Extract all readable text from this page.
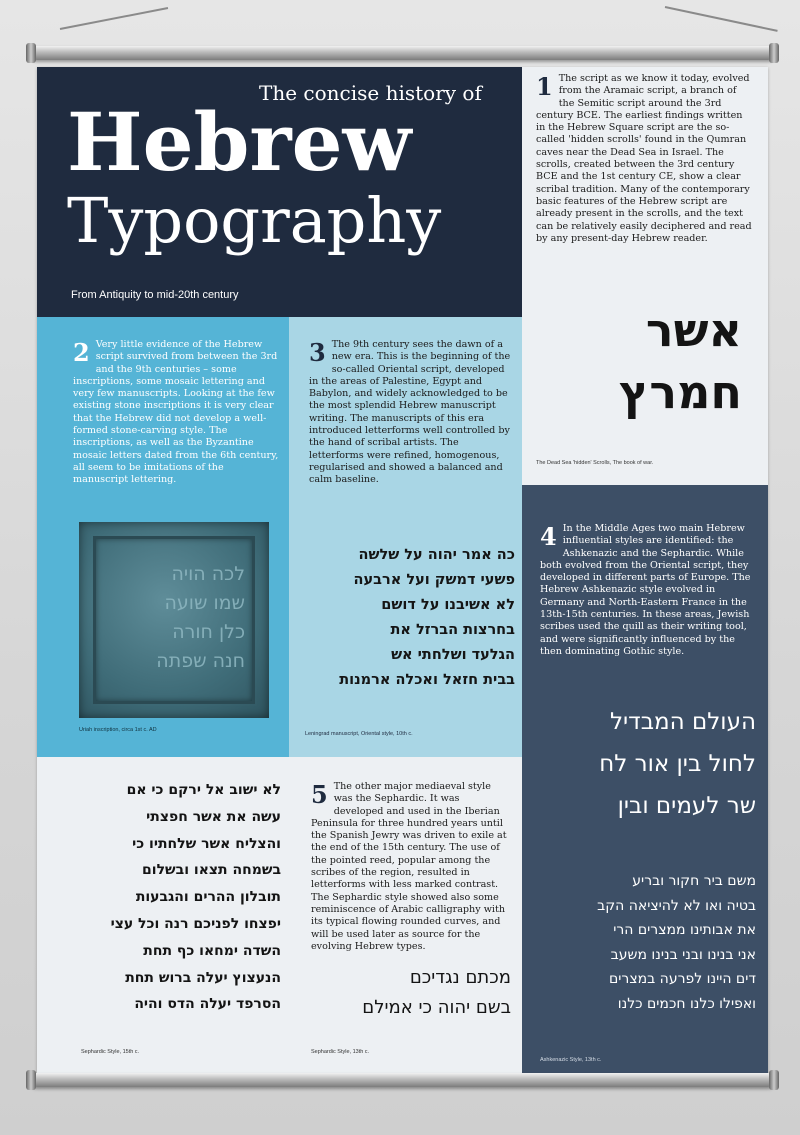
The concise history of
Hebrew
Typography
From Antiquity to mid-20th century
1 The script as we know it today, evolved from the Aramaic script, a branch of the Semitic script around the 3rd century BCE. The earliest findings written in the Hebrew Square script are the so-called 'hidden scrolls' found in the Qumran caves near the Dead Sea in Israel. The scrolls, created between the 3rd century BCE and the 1st century CE, show a clear scribal tradition. Many of the contemporary basic features of the Hebrew script are already present in the scrolls, and the text can be relatively easily deciphered and read by any present-day Hebrew reader.
אשר
חמרץ
The Dead Sea 'hidden' Scrolls, The book of war.
2 Very little evidence of the Hebrew script survived from between the 3rd and the 9th centuries – some inscriptions, some mosaic lettering and very few manuscripts. Looking at the few existing stone inscriptions it is very clear that the Hebrew did not develop a well-formed stone-carving style. The inscriptions, as well as the Byzantine mosaic letters dated from the 6th century, all seem to be imitations of the manuscript lettering.
לכה הויה
שמו שועה
כלן חורה
חנה שפתה
Uriah inscription, circa 1st c. AD
3 The 9th century sees the dawn of a new era. This is the beginning of the so-called Oriental script, developed in the areas of Palestine, Egypt and Babylon, and widely acknowledged to be the most splendid Hebrew manuscript writing. The manuscripts of this era introduced letterforms well controlled by the hand of scribal artists. The letterforms were refined, homogenous, regularised and showed a balanced and calm baseline.
כה אמר יהוה על שלשה
פשעי דמשק ועל ארבעה
לא אשיבנו על דושם
בחרצות הברזל את
הגלעד ושלחתי אש
בבית חזאל ואכלה ארמנות
Leningrad manuscript, Oriental style, 10th c.
4 In the Middle Ages two main Hebrew influential styles are identified: the Ashkenazic and the Sephardic. While both evolved from the Oriental script, they developed in different parts of Europe. The Hebrew Ashkenazic style evolved in Germany and North-Eastern France in the 13th-15th centuries. In these areas, Jewish scribes used the quill as their writing tool, and were significantly influenced by the then dominating Gothic style.
העולם המבדיל
לחול בין אור לח
שר לעמים ובין
משם ביר חקור ובריע
בטיה ואו לא להיציאה הקב
את אבותינו ממצרים הרי
אני בנינו ובני בנינו משעב
דים היינו לפרעה במצרים
ואפילו כלנו חכמים כלנו
Ashkenazic Style, 13th c.
לא ישוב אל ירקם כי אם
עשה את אשר חפצתי
והצליח אשר שלחתיו כי
בשמחה תצאו ובשלום
תובלון ההרים והגבעות
יפצחו לפניכם רנה וכל עצי
השדה ימחאו כף תחת
הנעצוץ יעלה ברוש תחת
הסרפד יעלה הדס והיה
Sephardic Style, 15th c.
5 The other major mediaeval style was the Sephardic. It was developed and used in the Iberian Peninsula for three hundred years until the Spanish Jewry was driven to exile at the end of the 15th century. The use of the pointed reed, popular among the scribes of the region, resulted in letterforms with less marked contrast. The Sephardic style showed also some reminiscence of Arabic calligraphy with its typical flowing rounded curves, and will be used later as source for the evolving Hebrew types.
מכתם נגדיכם
בשם יהוה כי אמילם
Sephardic Style, 13th c.
